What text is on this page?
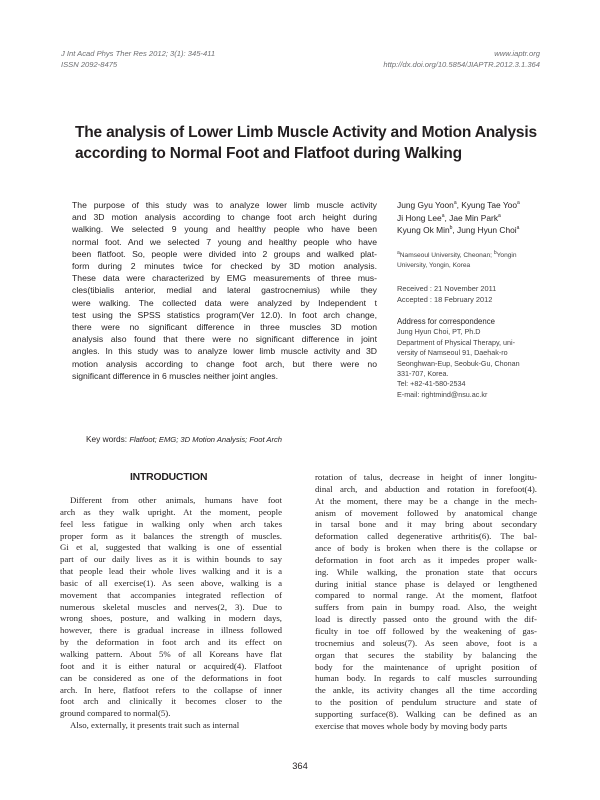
J Int Acad Phys Ther Res 2012; 3(1): 345-411
ISSN 2092-8475
www.iaptr.org
http://dx.doi.org/10.5854/JIAPTR.2012.3.1.364
The analysis of Lower Limb Muscle Activity and Motion Analysis
according to Normal Foot and Flatfoot during Walking
The purpose of this study was to analyze lower limb muscle activity
and 3D motion analysis according to change foot arch height during
walking. We selected 9 young and healthy people who have been
normal foot. And we selected 7 young and healthy people who have
been flatfoot. So, people were divided into 2 groups and walked plat-
form during 2 minutes twice for checked by 3D motion analysis.
These data were characterized by EMG measurements of three mus-
cles(tibialis anterior, medial and lateral gastrocnemius) while they
were walking. The collected data were analyzed by Independent t
test using the SPSS statistics program(Ver 12.0). In foot arch change,
there were no significant difference in three muscles 3D motion
analysis also found that there were no significant difference in joint
angles. In this study was to analyze lower limb muscle activity and 3D
motion analysis according to change foot arch, but there were no
significant difference in 6 muscles neither joint angles.
Key words: Flatfoot; EMG; 3D Motion Analysis; Foot Arch
Jung Gyu Yoon$^a$, Kyung Tae Yoo$^a$
Ji Hong Lee$^a$, Jae Min Park$^a$
Kyung Ok Min$^b$, Jung Hyun Choi$^a$
$^a$Namseoul University, Cheonan; $^b$Yongin University, Yongin, Korea
Received : 21 November 2011
Accepted : 18 February 2012
Address for correspondence
Jung Hyun Choi, PT, Ph.D
Department of Physical Therapy, uni-
versity of Namseoul 91, Daehak-ro
Seonghwan-Eup, Seobuk-Gu, Chonan
331-707, Korea.
Tel: +82-41-580-2534
E-mail: rightmind@nsu.ac.kr
INTRODUCTION
Different from other animals, humans have foot
arch as they walk upright. At the moment, people
feel less fatigue in walking only when arch takes
proper form as it balances the strength of muscles.
Gi et al, suggested that walking is one of essential
part of our daily lives as it is within bounds to say
that people lead their whole lives walking and it is a
basic of all exercise(1). As seen above, walking is a
movement that accompanies integrated reflection of
numerous skeletal muscles and nerves(2, 3). Due to
wrong shoes, posture, and walking in modern days,
however, there is gradual increase in illness followed
by the deformation in foot arch and its effect on
walking pattern. About 5% of all Koreans have flat
foot and it is either natural or acquired(4). Flatfoot
can be considered as one of the deformations in foot
arch. In here, flatfoot refers to the collapse of inner
foot arch and clinically it becomes closer to the
ground compared to normal(5).
Also, externally, it presents trait such as internal
rotation of talus, decrease in height of inner longitu-
dinal arch, and abduction and rotation in forefoot(4).
At the moment, there may be a change in the mech-
anism of movement followed by anatomical change
in tarsal bone and it may bring about secondary
deformation called degenerative arthritis(6). The bal-
ance of body is broken when there is the collapse or
deformation in foot arch as it impedes proper walk-
ing. While walking, the pronation state that occurs
during initial stance phase is delayed or lengthened
compared to normal range. At the moment, flatfoot
suffers from pain in bumpy road. Also, the weight
load is directly passed onto the ground with the dif-
ficulty in toe off followed by the weakening of gas-
trocnemius and soleus(7). As seen above, foot is a
organ that secures the stability by balancing the
body for the maintenance of upright position of
human body. In regards to calf muscles surrounding
the ankle, its activity changes all the time according
to the position of pendulum structure and state of
supporting surface(8). Walking can be defined as an
exercise that moves whole body by moving body parts
364
